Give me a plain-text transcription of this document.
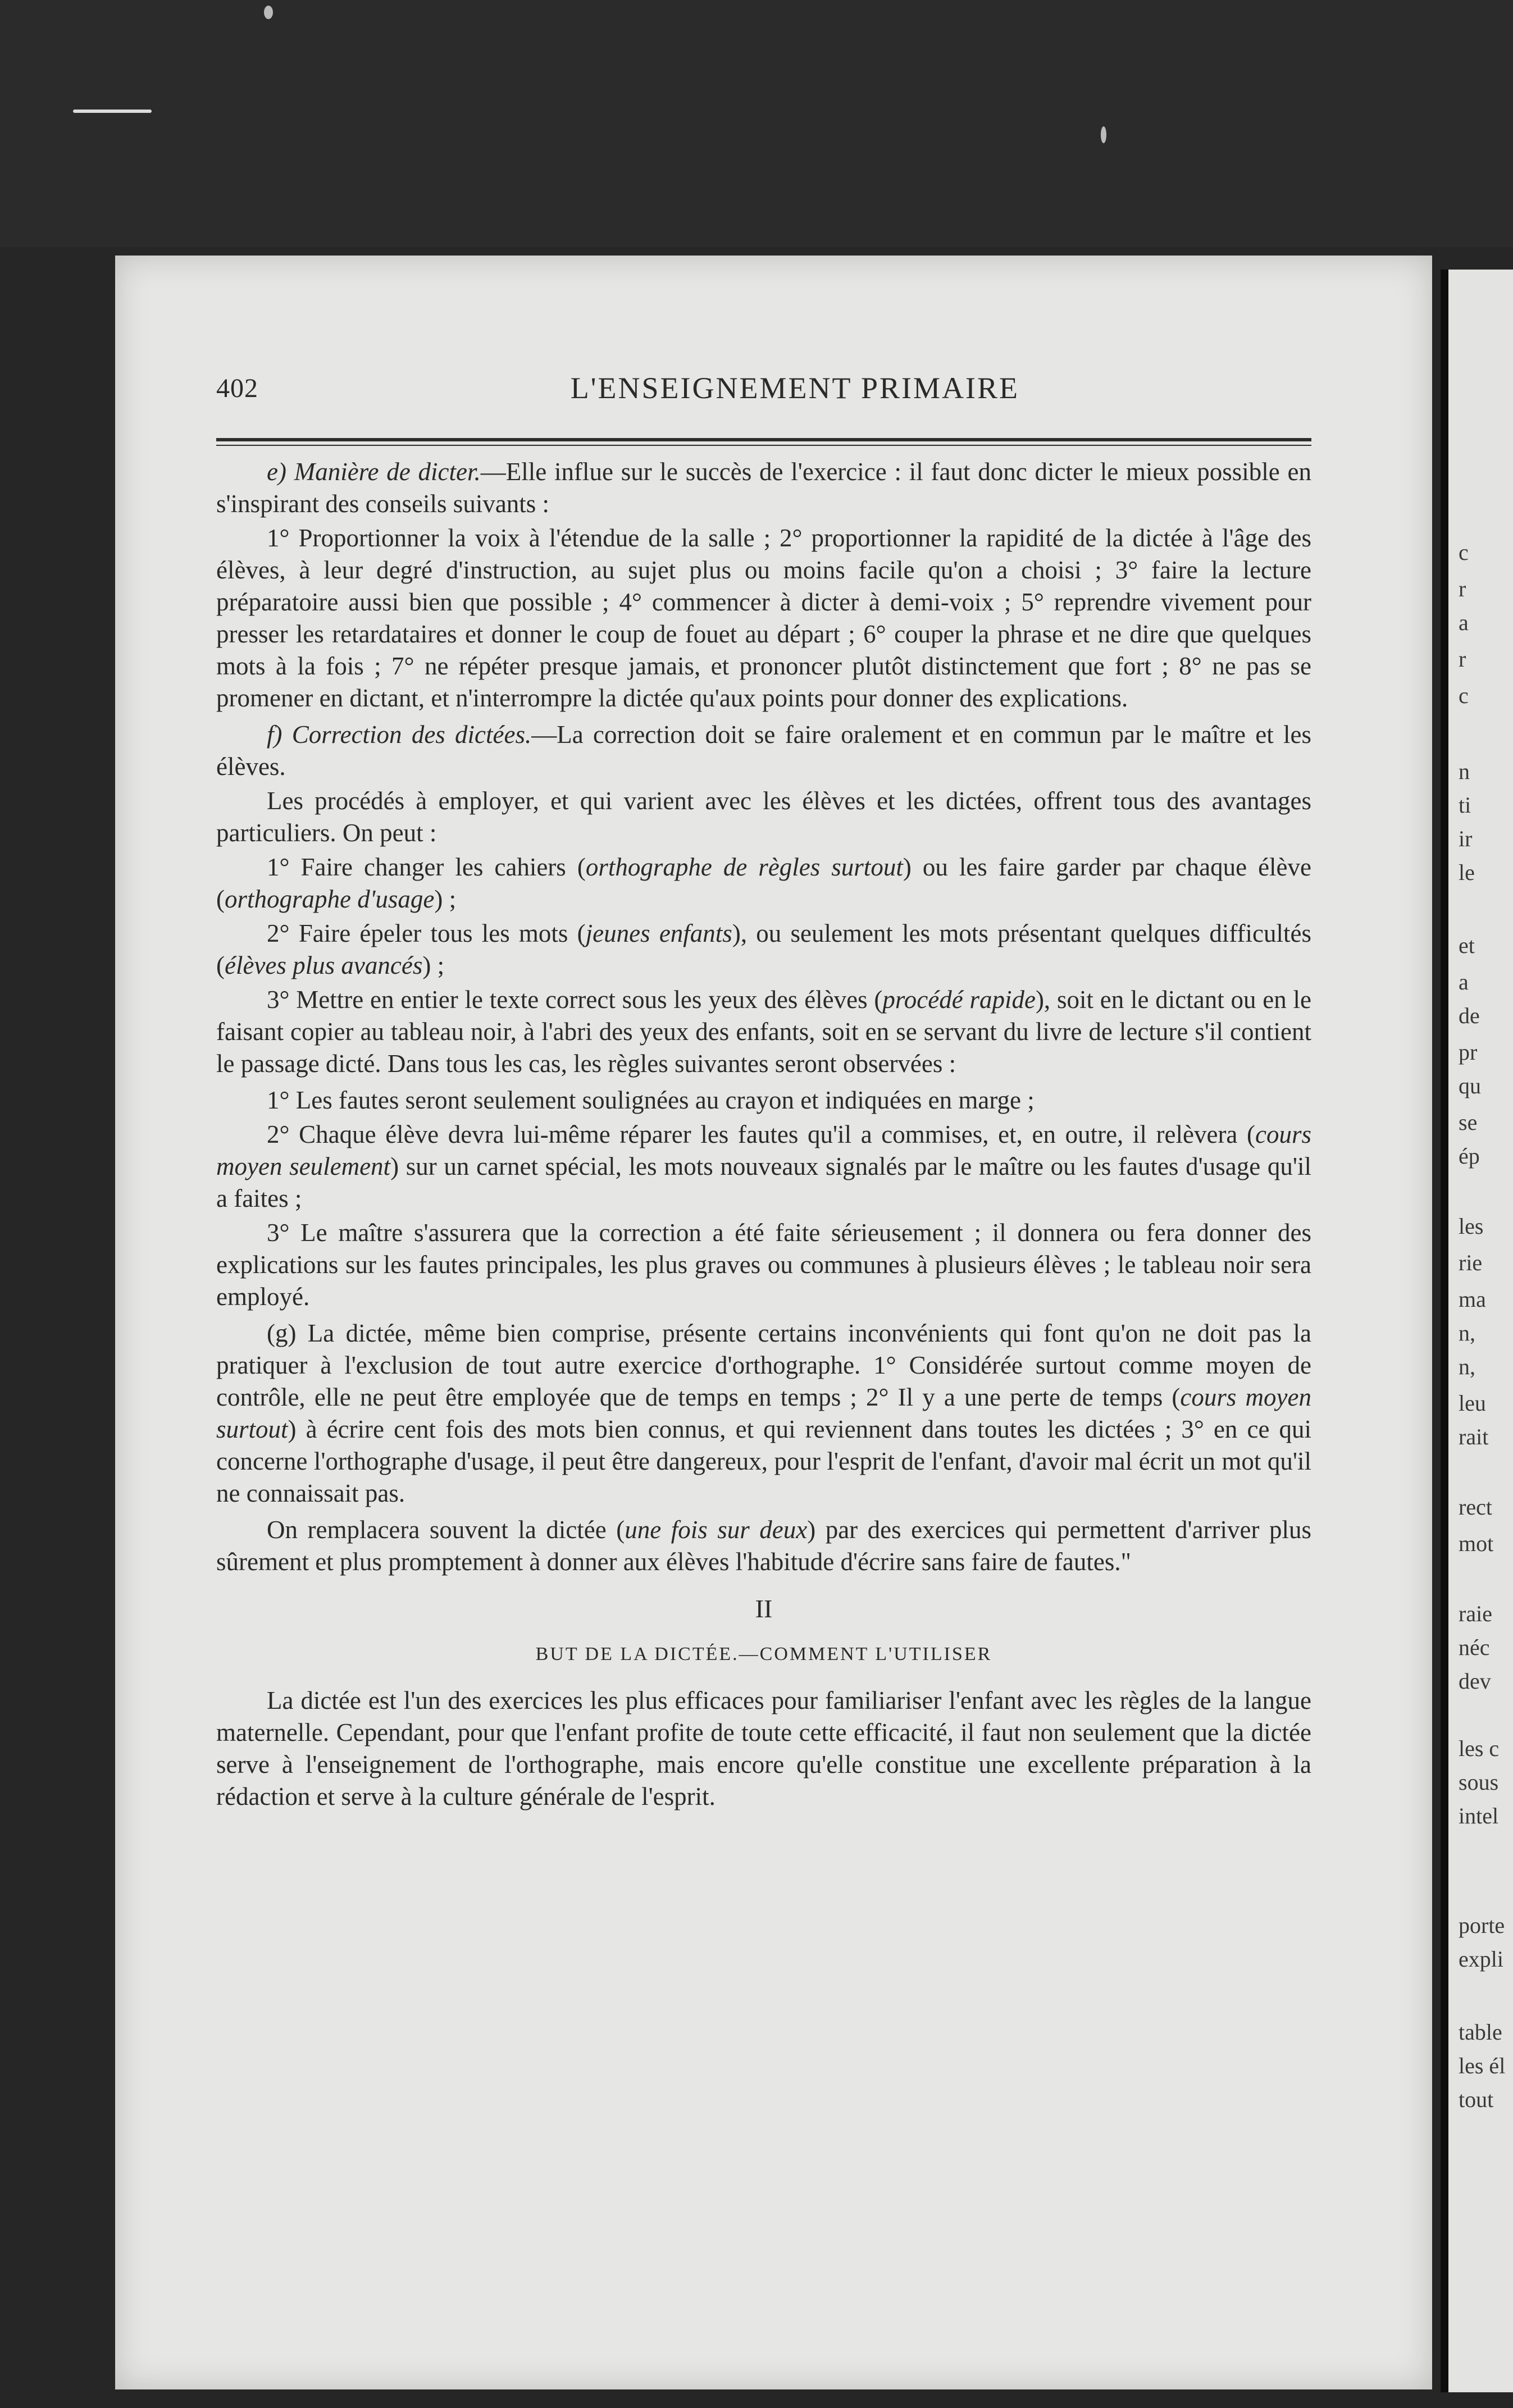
c
r
a
r
c
n
ti
ir
le
et
a
de
pr
qu
se
ép
les
rie
ma
n,
n,
leu
rait
rect
mot
raie
néc
dev
les c
sous
intel
porte
expli
table
les él
tout
402	L'ENSEIGNEMENT PRIMAIRE

e) Manière de dicter.—Elle influe sur le succès de l'exercice : il faut donc dicter le mieux possible en s'inspirant des conseils suivants :

1° Proportionner la voix à l'étendue de la salle ; 2° proportionner la rapidité de la dictée à l'âge des élèves, à leur degré d'instruction, au sujet plus ou moins facile qu'on a choisi ; 3° faire la lecture préparatoire aussi bien que possible ; 4° commencer à dicter à demi-voix ; 5° reprendre vivement pour presser les retardataires et donner le coup de fouet au départ ; 6° couper la phrase et ne dire que quelques mots à la fois ; 7° ne répéter presque jamais, et prononcer plutôt distinctement que fort ; 8° ne pas se promener en dictant, et n'interrompre la dictée qu'aux points pour donner des explications.

f) Correction des dictées.—La correction doit se faire oralement et en commun par le maître et les élèves.

Les procédés à employer, et qui varient avec les élèves et les dictées, offrent tous des avantages particuliers. On peut :

1° Faire changer les cahiers (orthographe de règles surtout) ou les faire garder par chaque élève (orthographe d'usage) ;

2° Faire épeler tous les mots (jeunes enfants), ou seulement les mots présentant quelques difficultés (élèves plus avancés) ;

3° Mettre en entier le texte correct sous les yeux des élèves (procédé rapide), soit en le dictant ou en le faisant copier au tableau noir, à l'abri des yeux des enfants, soit en se servant du livre de lecture s'il contient le passage dicté. Dans tous les cas, les règles suivantes seront observées :

1° Les fautes seront seulement soulignées au crayon et indiquées en marge ;

2° Chaque élève devra lui-même réparer les fautes qu'il a commises, et, en outre, il relèvera (cours moyen seulement) sur un carnet spécial, les mots nouveaux signalés par le maître ou les fautes d'usage qu'il a faites ;

3° Le maître s'assurera que la correction a été faite sérieusement ; il donnera ou fera donner des explications sur les fautes principales, les plus graves ou communes à plusieurs élèves ; le tableau noir sera employé.

(g) La dictée, même bien comprise, présente certains inconvénients qui font qu'on ne doit pas la pratiquer à l'exclusion de tout autre exercice d'orthographe. 1° Considérée surtout comme moyen de contrôle, elle ne peut être employée que de temps en temps ; 2° Il y a une perte de temps (cours moyen surtout) à écrire cent fois des mots bien connus, et qui reviennent dans toutes les dictées ; 3° en ce qui concerne l'orthographe d'usage, il peut être dangereux, pour l'esprit de l'enfant, d'avoir mal écrit un mot qu'il ne connaissait pas.

On remplacera souvent la dictée (une fois sur deux) par des exercices qui permettent d'arriver plus sûrement et plus promptement à donner aux élèves l'habitude d'écrire sans faire de fautes."

II
BUT DE LA DICTÉE.—COMMENT L'UTILISER

La dictée est l'un des exercices les plus efficaces pour familiariser l'enfant avec les règles de la langue maternelle. Cependant, pour que l'enfant profite de toute cette efficacité, il faut non seulement que la dictée serve à l'enseignement de l'orthographe, mais encore qu'elle constitue une excellente préparation à la rédaction et serve à la culture générale de l'esprit.
